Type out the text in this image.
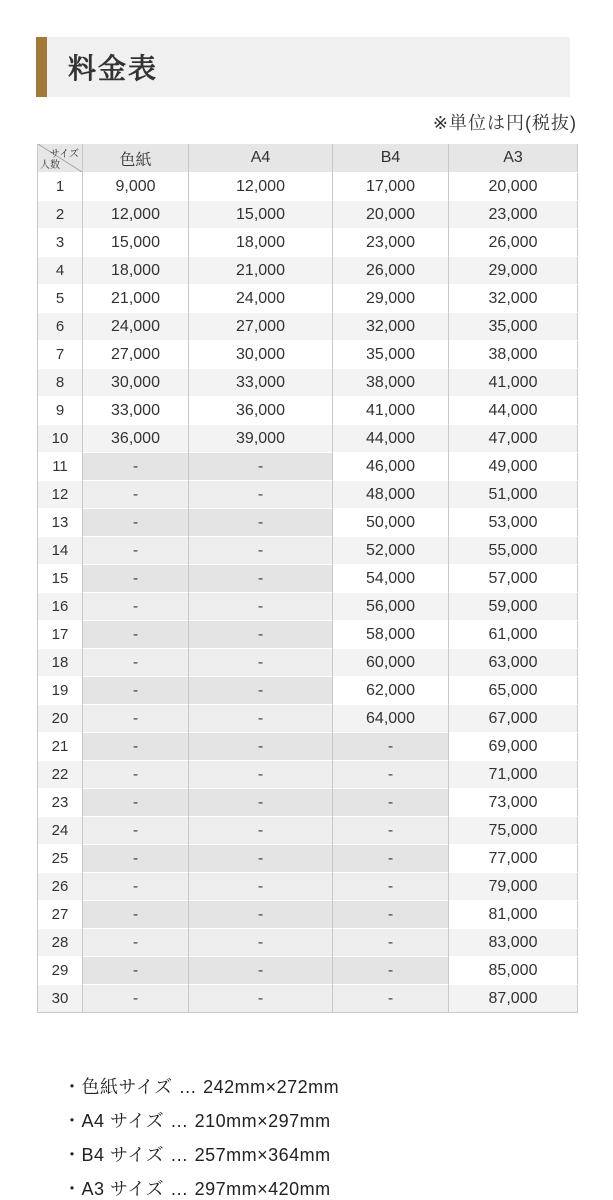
料金表
※単位は円(税抜)
サイズ
人数	色紙	A4	B4	A3
1	9,000	12,000	17,000	20,000
2	12,000	15,000	20,000	23,000
3	15,000	18,000	23,000	26,000
4	18,000	21,000	26,000	29,000
5	21,000	24,000	29,000	32,000
6	24,000	27,000	32,000	35,000
7	27,000	30,000	35,000	38,000
8	30,000	33,000	38,000	41,000
9	33,000	36,000	41,000	44,000
10	36,000	39,000	44,000	47,000
11	-	-	46,000	49,000
12	-	-	48,000	51,000
13	-	-	50,000	53,000
14	-	-	52,000	55,000
15	-	-	54,000	57,000
16	-	-	56,000	59,000
17	-	-	58,000	61,000
18	-	-	60,000	63,000
19	-	-	62,000	65,000
20	-	-	64,000	67,000
21	-	-	-	69,000
22	-	-	-	71,000
23	-	-	-	73,000
24	-	-	-	75,000
25	-	-	-	77,000
26	-	-	-	79,000
27	-	-	-	81,000
28	-	-	-	83,000
29	-	-	-	85,000
30	-	-	-	87,000

・色紙サイズ … 242mm×272mm

・A4 サイズ … 210mm×297mm

・B4 サイズ … 257mm×364mm

・A3 サイズ … 297mm×420mm
